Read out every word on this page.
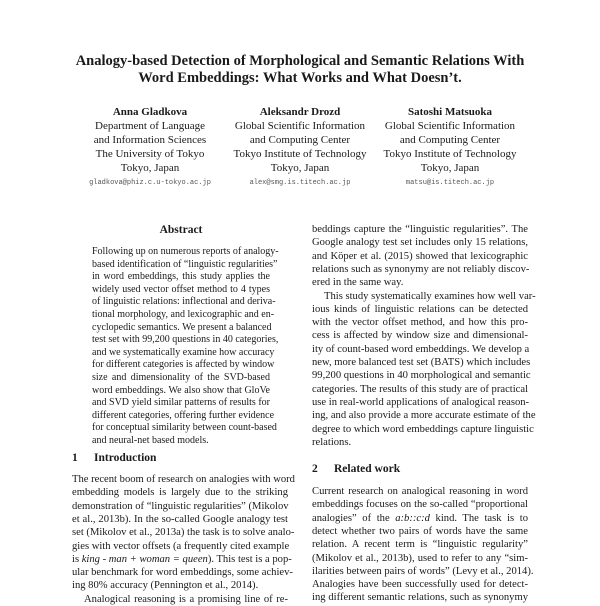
Analogy-based Detection of Morphological and Semantic Relations With
Word Embeddings: What Works and What Doesn’t.
Anna Gladkova
Department of Language
and Information Sciences
The University of Tokyo
Tokyo, Japan
gladkova@phiz.c.u-tokyo.ac.jp
Aleksandr Drozd
Global Scientific Information
and Computing Center
Tokyo Institute of Technology
Tokyo, Japan
alex@smg.is.titech.ac.jp
Satoshi Matsuoka
Global Scientific Information
and Computing Center
Tokyo Institute of Technology
Tokyo, Japan
matsu@is.titech.ac.jp
Abstract
1 Introduction
2 Related work
Following up on numerous reports of analogy-
based identification of “linguistic regularities”
in word embeddings, this study applies the
widely used vector offset method to 4 types
of linguistic relations: inflectional and deriva-
tional morphology, and lexicographic and en-
cyclopedic semantics. We present a balanced
test set with 99,200 questions in 40 categories,
and we systematically examine how accuracy
for different categories is affected by window
size and dimensionality of the SVD-based
word embeddings. We also show that GloVe
and SVD yield similar patterns of results for
different categories, offering further evidence
for conceptual similarity between count-based
and neural-net based models.
The recent boom of research on analogies with word
embedding models is largely due to the striking
demonstration of “linguistic regularities” (Mikolov
et al., 2013b). In the so-called Google analogy test
set (Mikolov et al., 2013a) the task is to solve analo-
gies with vector offsets (a frequently cited example
is king - man + woman = queen). This test is a pop-
ular benchmark for word embeddings, some achiev-
ing 80% accuracy (Pennington et al., 2014).
Analogical reasoning is a promising line of re-
beddings capture the “linguistic regularities”. The
Google analogy test set includes only 15 relations,
and Köper et al. (2015) showed that lexicographic
relations such as synonymy are not reliably discov-
ered in the same way.
This study systematically examines how well var-
ious kinds of linguistic relations can be detected
with the vector offset method, and how this pro-
cess is affected by window size and dimensional-
ity of count-based word embeddings. We develop a
new, more balanced test set (BATS) which includes
99,200 questions in 40 morphological and semantic
categories. The results of this study are of practical
use in real-world applications of analogical reason-
ing, and also provide a more accurate estimate of the
degree to which word embeddings capture linguistic
relations.
Current research on analogical reasoning in word
embeddings focuses on the so-called “proportional
analogies” of the a:b::c:d kind. The task is to
detect whether two pairs of words have the same
relation. A recent term is “linguistic regularity”
(Mikolov et al., 2013b), used to refer to any “sim-
ilarities between pairs of words” (Levy et al., 2014).
Analogies have been successfully used for detect-
ing different semantic relations, such as synonymy
